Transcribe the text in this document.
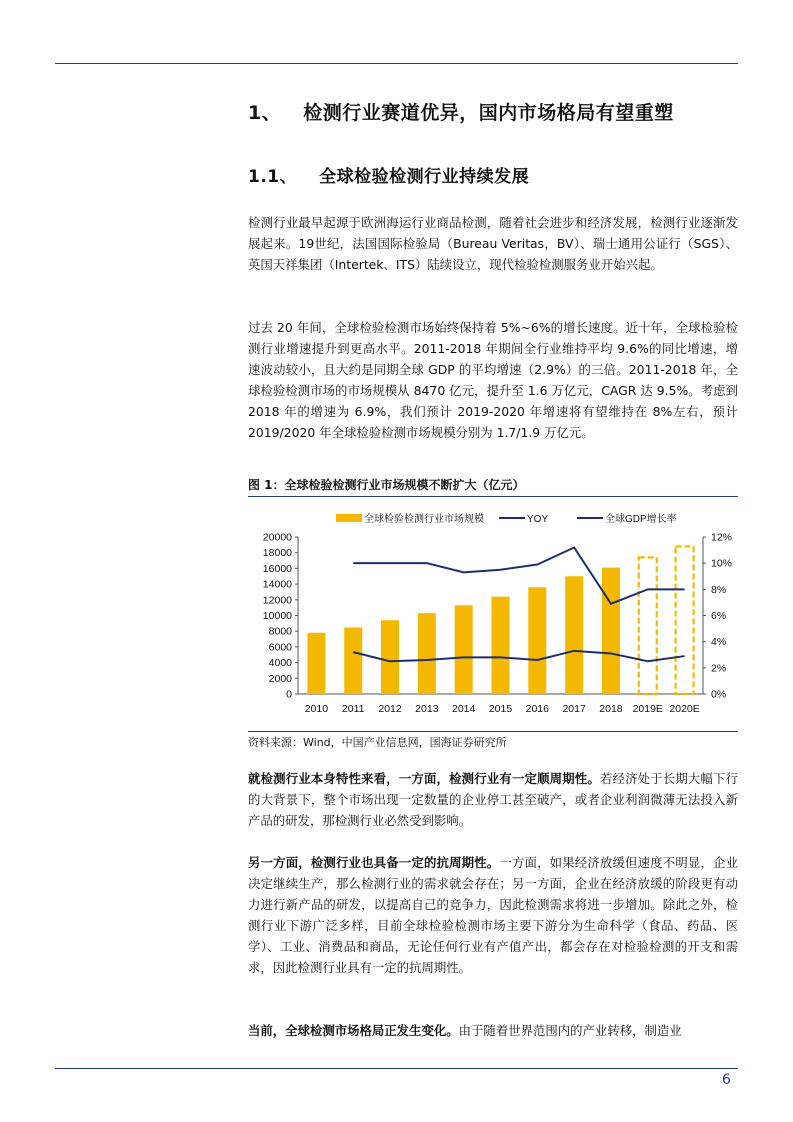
1、 检测行业赛道优异，国内市场格局有望重塑
1.1、 全球检验检测行业持续发展

检测行业最早起源于欧洲海运行业商品检测，随着社会进步和经济发展，检测行业逐渐发展起来。19世纪，法国国际检验局（Bureau Veritas，BV）、瑞士通用公证行（SGS）、英国天祥集团（Intertek、ITS）陆续设立，现代检验检测服务业开始兴起。

过去 20 年间，全球检验检测市场始终保持着 5%~6%的增长速度。近十年，全球检验检测行业增速提升到更高水平。2011-2018 年期间全行业维持平均 9.6%的同比增速，增速波动较小，且大约是同期全球 GDP 的平均增速（2.9%）的三倍。2011-2018 年，全球检验检测市场的市场规模从 8470 亿元，提升至 1.6 万亿元，CAGR 达 9.5%。考虑到 2018 年的增速为 6.9%，我们预计 2019-2020 年增速将有望维持在 8%左右，预计 2019/2020 年全球检验检测市场规模分别为 1.7/1.9 万亿元。

图 1：全球检验检测行业市场规模不断扩大（亿元）
0
2000
4000
6000
8000
10000
12000
14000
16000
18000
20000
0%
2%
4%
6%
8%
10%
12%
2010 2011 2012 2013 2014 2015 2016 2017 2018 2019E 2020E
全球检验检测行业市场规模	YOY	全球GDP增长率
资料来源：Wind，中国产业信息网，国海证券研究所

就检测行业本身特性来看，一方面，检测行业有一定顺周期性。若经济处于长期大幅下行的大背景下，整个市场出现一定数量的企业停工甚至破产，或者企业利润微薄无法投入新产品的研发，那检测行业必然受到影响。

另一方面，检测行业也具备一定的抗周期性。一方面，如果经济放缓但速度不明显，企业决定继续生产，那么检测行业的需求就会存在；另一方面，企业在经济放缓的阶段更有动力进行新产品的研发，以提高自己的竞争力，因此检测需求将进一步增加。除此之外，检测行业下游广泛多样，目前全球检验检测市场主要下游分为生命科学（食品、药品、医学）、工业、消费品和商品，无论任何行业有产值产出，都会存在对检验检测的开支和需求，因此检测行业具有一定的抗周期性。

当前，全球检测市场格局正发生变化。由于随着世界范围内的产业转移，制造业

6
